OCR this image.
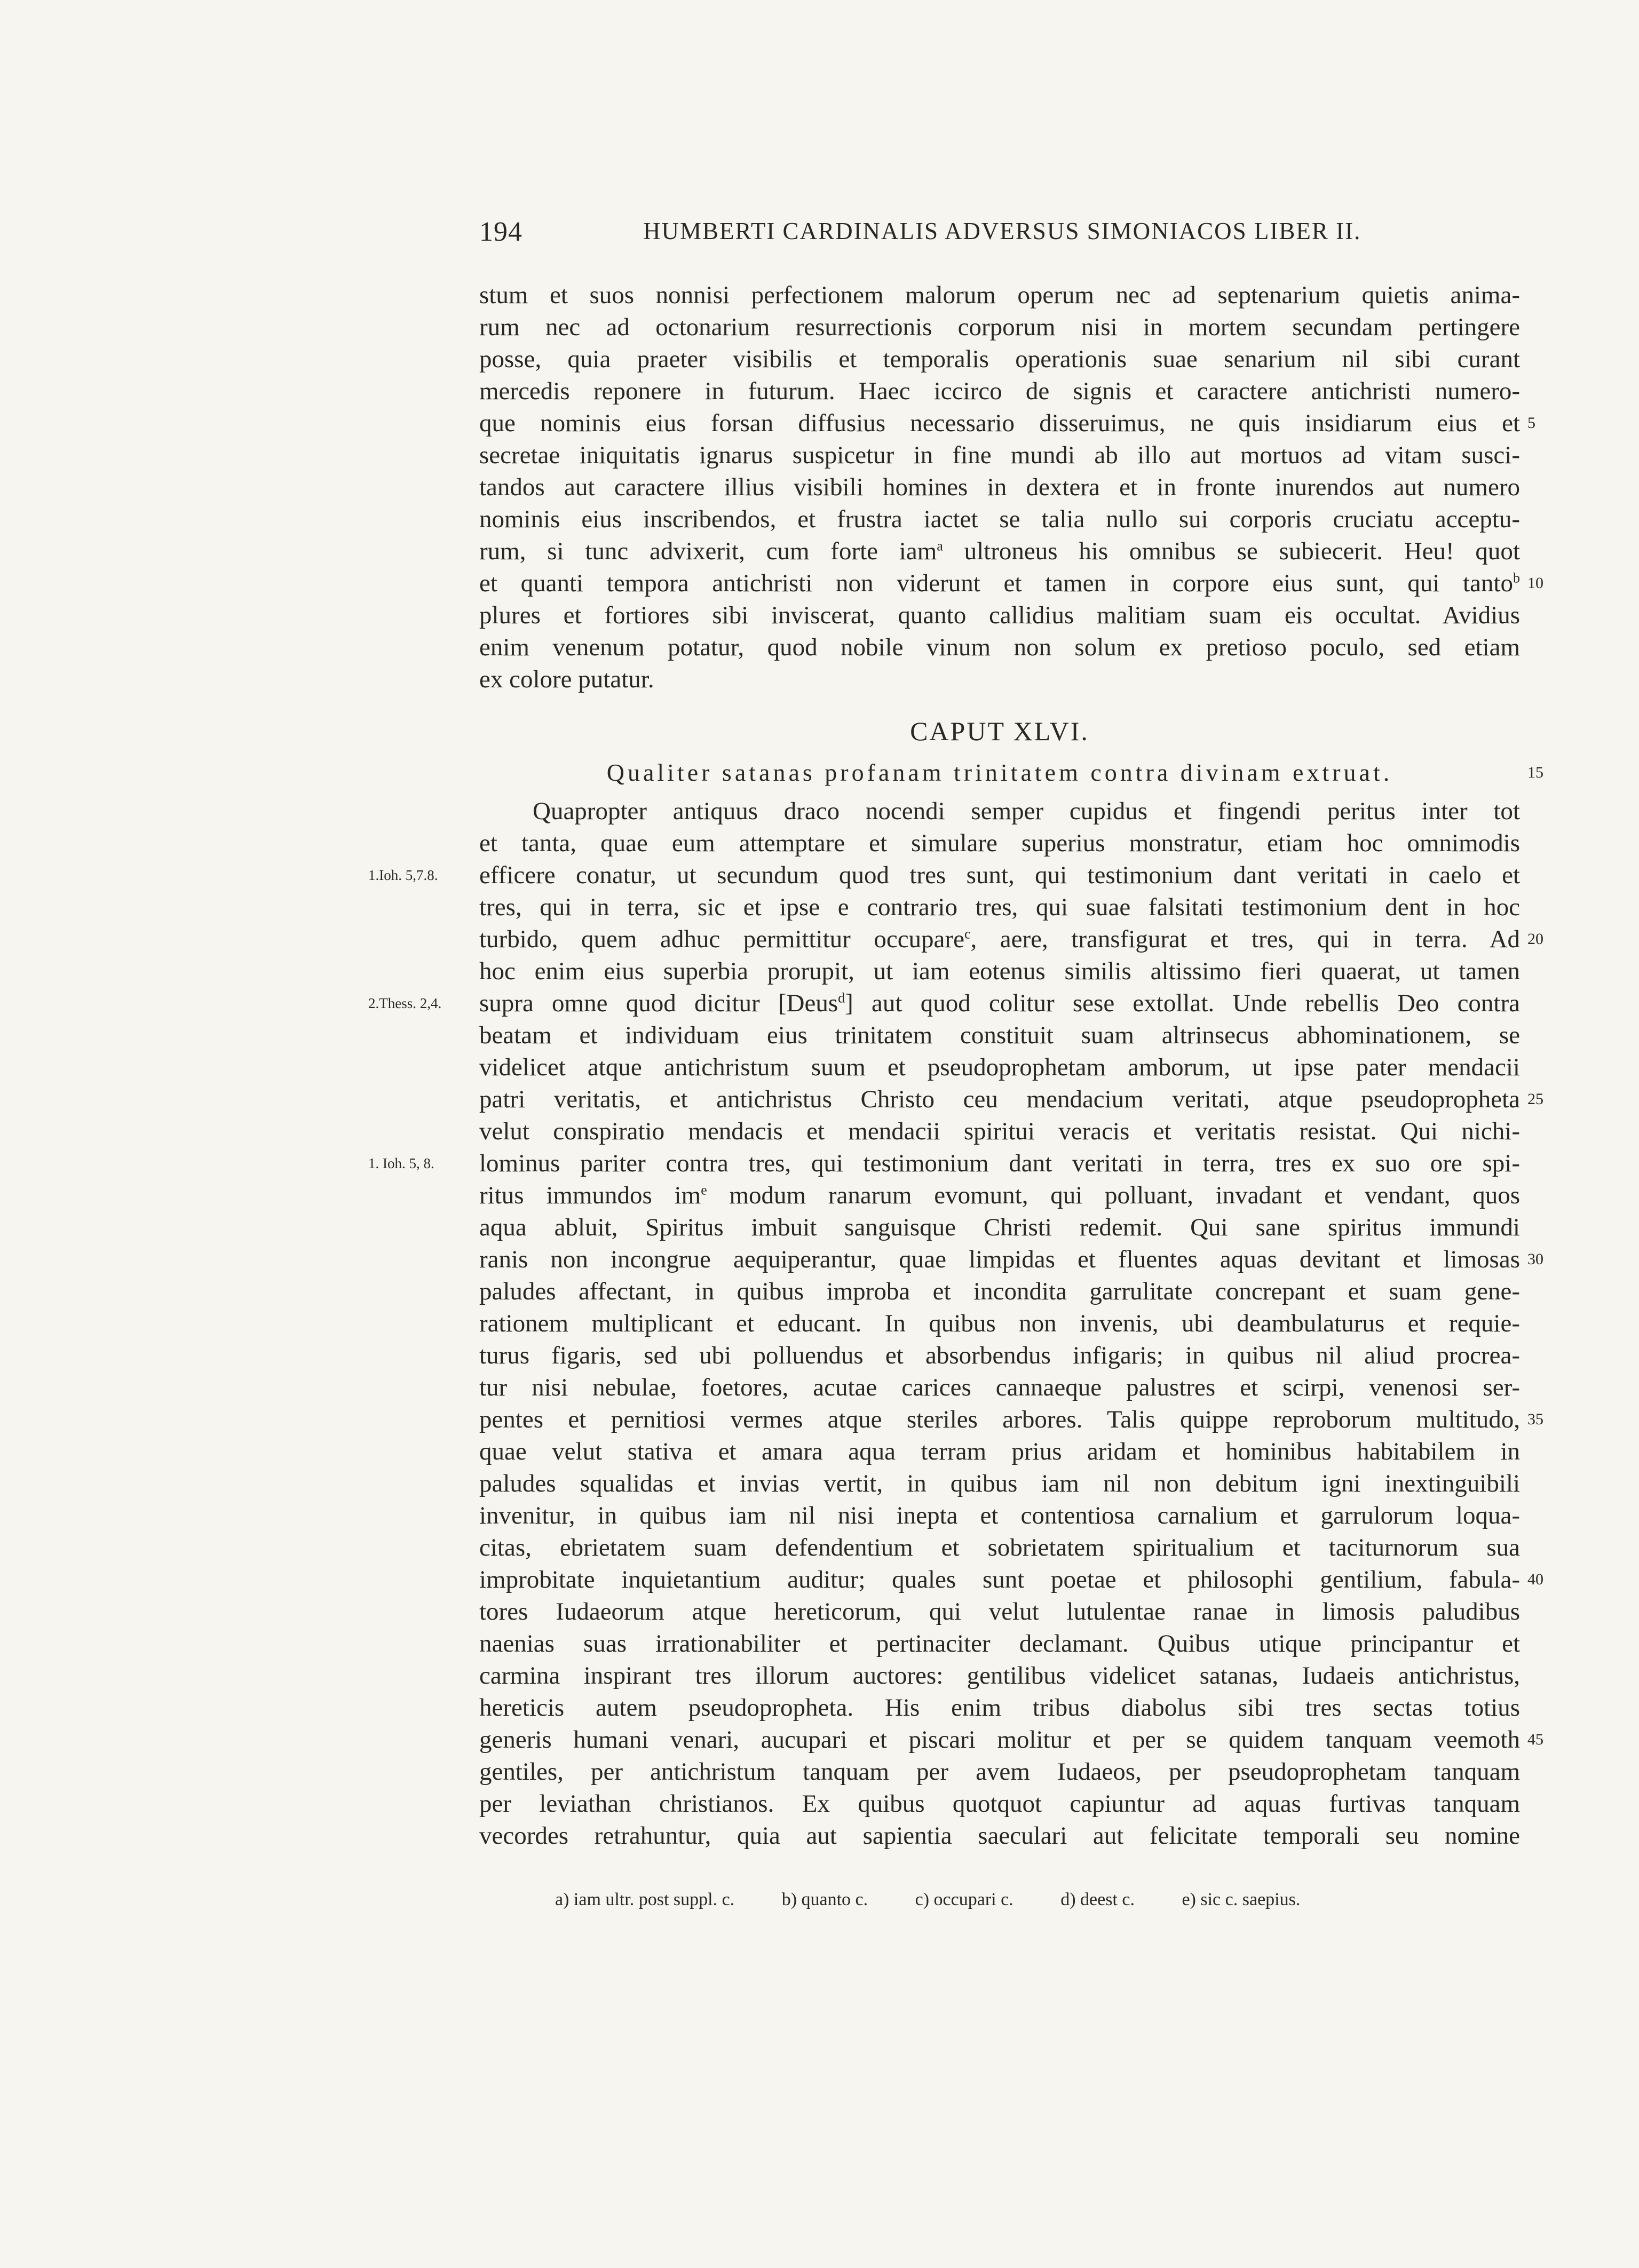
194	HUMBERTI CARDINALIS ADVERSUS SIMONIACOS LIBER II.
stum et suos nonnisi perfectionem malorum operum nec ad septenarium quietis anima-
rum nec ad octonarium resurrectionis corporum nisi in mortem secundam pertingere
posse, quia praeter visibilis et temporalis operationis suae senarium nil sibi curant
mercedis reponere in futurum. Haec iccirco de signis et caractere antichristi numero-
que nominis eius forsan diffusius necessario disseruimus, ne quis insidiarum eius et
secretae iniquitatis ignarus suspicetur in fine mundi ab illo aut mortuos ad vitam susci-
tandos aut caractere illius visibili homines in dextera et in fronte inurendos aut numero
nominis eius inscribendos, et frustra iactet se talia nullo sui corporis cruciatu acceptu-
rum, si tunc advixerit, cum forte iam$^a$ ultroneus his omnibus se subiecerit. Heu! quot
et quanti tempora antichristi non viderunt et tamen in corpore eius sunt, qui tanto$^b$
plures et fortiores sibi inviscerat, quanto callidius malitiam suam eis occultat. Avidius
enim venenum potatur, quod nobile vinum non solum ex pretioso poculo, sed etiam
ex colore putatur.
CAPUT XLVI.
Qualiter satanas profanam trinitatem contra divinam extruat.
Quapropter antiquus draco nocendi semper cupidus et fingendi peritus inter tot
et tanta, quae eum attemptare et simulare superius monstratur, etiam hoc omnimodis
efficere conatur, ut secundum quod tres sunt, qui testimonium dant veritati in caelo et
tres, qui in terra, sic et ipse e contrario tres, qui suae falsitati testimonium dent in hoc
turbido, quem adhuc permittitur occupare$^c$, aere, transfigurat et tres, qui in terra. Ad
hoc enim eius superbia prorupit, ut iam eotenus similis altissimo fieri quaerat, ut tamen
supra omne quod dicitur [Deus$^d$] aut quod colitur sese extollat. Unde rebellis Deo contra
beatam et individuam eius trinitatem constituit suam altrinsecus abhominationem, se
videlicet atque antichristum suum et pseudoprophetam amborum, ut ipse pater mendacii
patri veritatis, et antichristus Christo ceu mendacium veritati, atque pseudopropheta
velut conspiratio mendacis et mendacii spiritui veracis et veritatis resistat. Qui nichi-
lominus pariter contra tres, qui testimonium dant veritati in terra, tres ex suo ore spi-
ritus immundos $im^e$ modum ranarum evomunt, qui polluant, invadant et vendant, quos
aqua abluit, Spiritus imbuit sanguisque Christi redemit. Qui sane spiritus immundi
ranis non incongrue aequiperantur, quae limpidas et fluentes aquas devitant et limosas
paludes affectant, in quibus improba et incondita garrulitate concrepant et suam gene-
rationem multiplicant et educant. In quibus non invenis, ubi deambulaturus et requie-
turus figaris, sed ubi polluendus et absorbendus infigaris; in quibus nil aliud procrea-
tur nisi nebulae, foetores, acutae carices cannaeque palustres et scirpi, venenosi ser-
pentes et pernitiosi vermes atque steriles arbores. Talis quippe reproborum multitudo,
quae velut stativa et amara aqua terram prius aridam et hominibus habitabilem in
paludes squalidas et invias vertit, in quibus iam nil non debitum igni inextinguibili
invenitur, in quibus iam nil nisi inepta et contentiosa carnalium et garrulorum loqua-
citas, ebrietatem suam defendentium et sobrietatem spiritualium et taciturnorum sua
improbitate inquietantium auditur; quales sunt poetae et philosophi gentilium, fabula-
tores Iudaeorum atque hereticorum, qui velut lutulentae ranae in limosis paludibus
naenias suas irrationabiliter et pertinaciter declamant. Quibus utique principantur et
carmina inspirant tres illorum auctores: gentilibus videlicet satanas, Iudaeis antichristus,
hereticis autem pseudopropheta. His enim tribus diabolus sibi tres sectas totius
generis humani venari, aucupari et piscari molitur et per se quidem tanquam veemoth
gentiles, per antichristum tanquam per avem Iudaeos, per pseudoprophetam tanquam
per leviathan christianos. Ex quibus quotquot capiuntur ad aquas furtivas tanquam
vecordes retrahuntur, quia aut sapientia saeculari aut felicitate temporali seu nomine
5
10
15
20
25
30
35
40
45
1.Ioh. 5,7.8.
2.Thess. 2,4.
1. Ioh. 5, 8.
a) iam ultr. post suppl. c.	b) quanto c.	c) occupari c.	d) deest c.	e) sic c. saepius.
